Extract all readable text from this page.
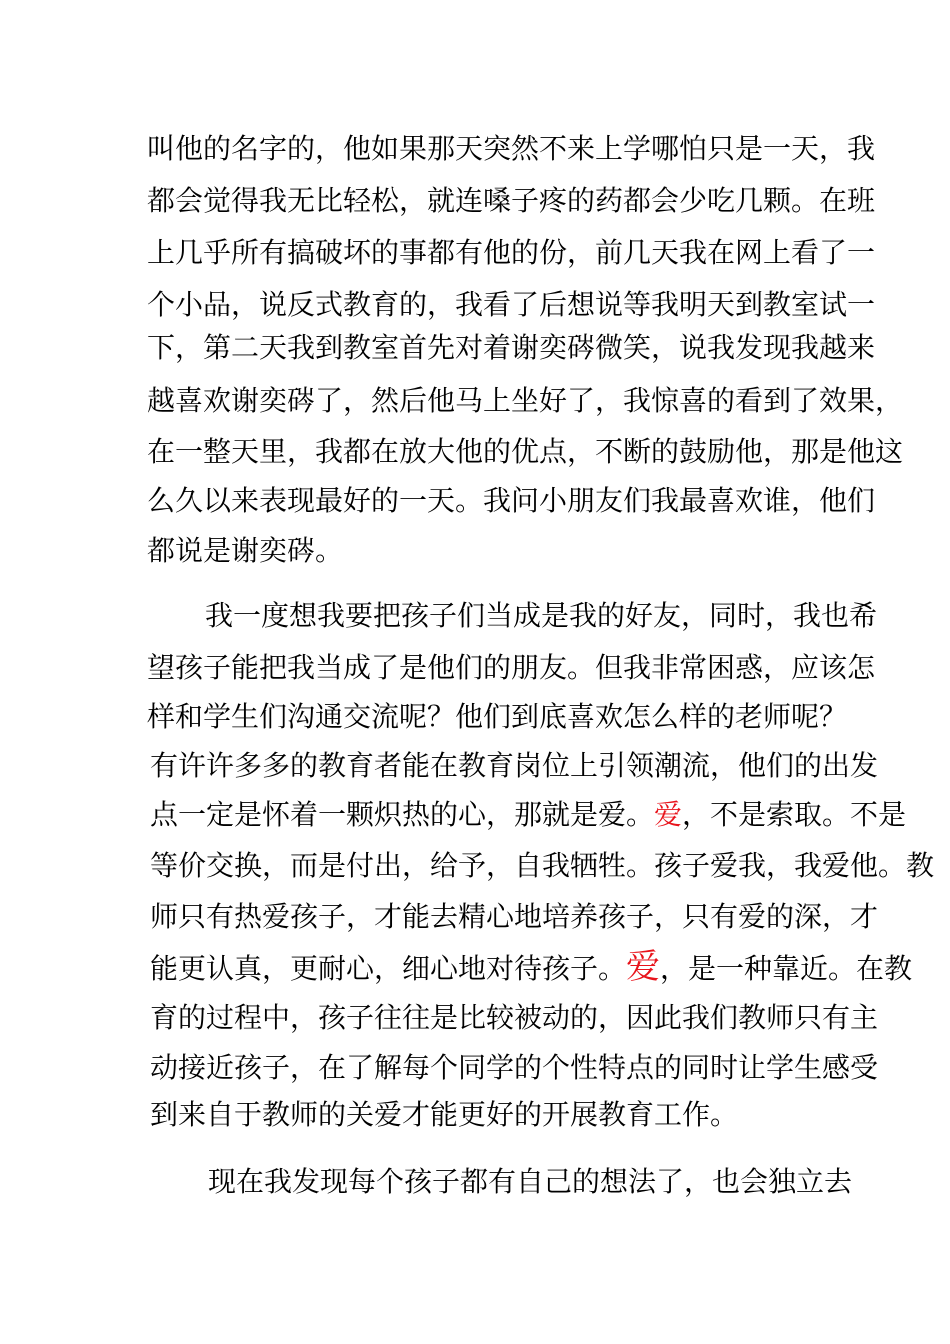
叫他的名字的，他如果那天突然不来上学哪怕只是一天，我
都会觉得我无比轻松，就连嗓子疼的药都会少吃几颗。在班
上几乎所有搞破坏的事都有他的份，前几天我在网上看了一
个小品，说反式教育的，我看了后想说等我明天到教室试一
下，第二天我到教室首先对着谢奕硶微笑，说我发现我越来
越喜欢谢奕硶了，然后他马上坐好了，我惊喜的看到了效果，
在一整天里，我都在放大他的优点，不断的鼓励他，那是他这
么久以来表现最好的一天。我问小朋友们我最喜欢谁，他们
都说是谢奕硶。
我一度想我要把孩子们当成是我的好友，同时，我也希
望孩子能把我当成了是他们的朋友。但我非常困惑，应该怎
样和学生们沟通交流呢？他们到底喜欢怎么样的老师呢？
有许许多多的教育者能在教育岗位上引领潮流，他们的出发
点一定是怀着一颗炽热的心，那就是爱。爱，不是索取。不是
等价交换，而是付出，给予，自我牺牲。孩子爱我，我爱他。教
师只有热爱孩子，才能去精心地培养孩子，只有爱的深，才
能更认真，更耐心，细心地对待孩子。爱，是一种靠近。在教
育的过程中，孩子往往是比较被动的，因此我们教师只有主
动接近孩子，在了解每个同学的个性特点的同时让学生感受
到来自于教师的关爱才能更好的开展教育工作。
现在我发现每个孩子都有自己的想法了，也会独立去
